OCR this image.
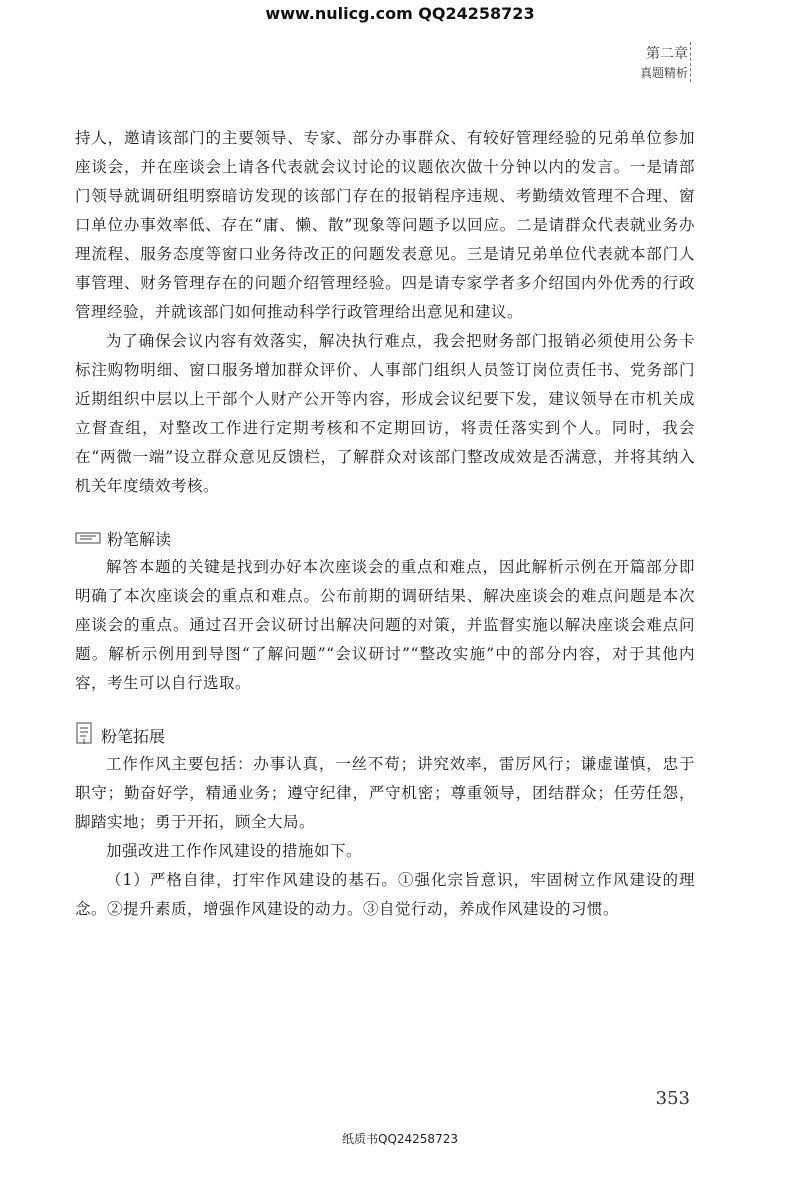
www.nulicg.com QQ24258723
第二章
真题精析

持人，邀请该部门的主要领导、专家、部分办事群众、有较好管理经验的兄弟单位参加座谈会，并在座谈会上请各代表就会议讨论的议题依次做十分钟以内的发言。一是请部门领导就调研组明察暗访发现的该部门存在的报销程序违规、考勤绩效管理不合理、窗口单位办事效率低、存在“庸、懒、散”现象等问题予以回应。二是请群众代表就业务办理流程、服务态度等窗口业务待改正的问题发表意见。三是请兄弟单位代表就本部门人事管理、财务管理存在的问题介绍管理经验。四是请专家学者多介绍国内外优秀的行政管理经验，并就该部门如何推动科学行政管理给出意见和建议。

为了确保会议内容有效落实，解决执行难点，我会把财务部门报销必须使用公务卡标注购物明细、窗口服务增加群众评价、人事部门组织人员签订岗位责任书、党务部门近期组织中层以上干部个人财产公开等内容，形成会议纪要下发，建议领导在市机关成立督查组，对整改工作进行定期考核和不定期回访，将责任落实到个人。同时，我会在“两微一端”设立群众意见反馈栏，了解群众对该部门整改成效是否满意，并将其纳入机关年度绩效考核。

粉笔解读

解答本题的关键是找到办好本次座谈会的重点和难点，因此解析示例在开篇部分即明确了本次座谈会的重点和难点。公布前期的调研结果、解决座谈会的难点问题是本次座谈会的重点。通过召开会议研讨出解决问题的对策，并监督实施以解决座谈会难点问题。解析示例用到导图“了解问题”“会议研讨”“整改实施”中的部分内容，对于其他内容，考生可以自行选取。

粉笔拓展

工作作风主要包括：办事认真，一丝不苟；讲究效率，雷厉风行；谦虚谨慎，忠于职守；勤奋好学，精通业务；遵守纪律，严守机密；尊重领导，团结群众；任劳任怨，脚踏实地；勇于开拓，顾全大局。

加强改进工作作风建设的措施如下。

（1）严格自律，打牢作风建设的基石。①强化宗旨意识，牢固树立作风建设的理念。②提升素质，增强作风建设的动力。③自觉行动，养成作风建设的习惯。

353
纸质书QQ24258723
